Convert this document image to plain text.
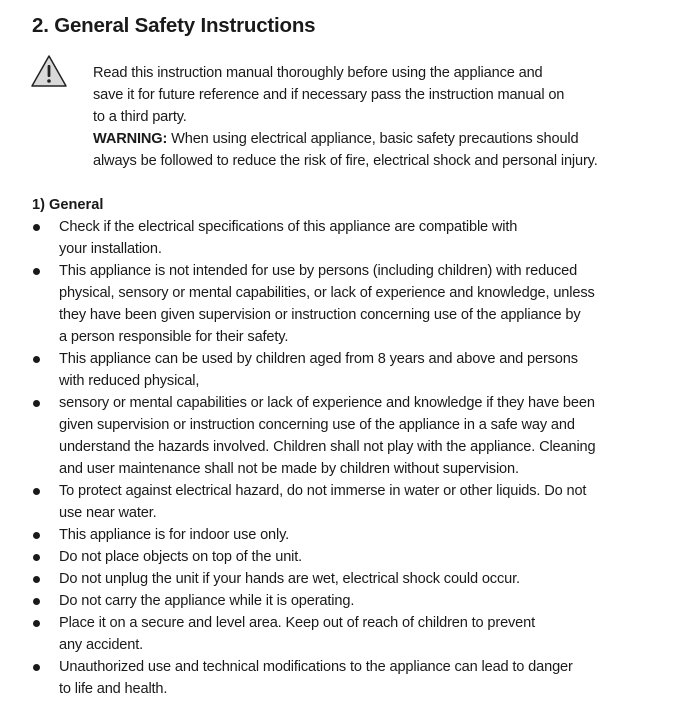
2. General Safety Instructions

Read this instruction manual thoroughly before using the appliance and

save it for future reference and if necessary pass the instruction manual on

to a third party.

WARNING: When using electrical appliance, basic safety precautions should

always be followed to reduce the risk of fire, electrical shock and personal injury.

1) General
Check if the electrical specifications of this appliance are compatible with
your installation.
This appliance is not intended for use by persons (including children) with reduced
physical, sensory or mental capabilities, or lack of experience and knowledge, unless
they have been given supervision or instruction concerning use of the appliance by
a person responsible for their safety.
This appliance can be used by children aged from 8 years and above and persons
with reduced physical,
sensory or mental capabilities or lack of experience and knowledge if they have been
given supervision or instruction concerning use of the appliance in a safe way and
understand the hazards involved. Children shall not play with the appliance. Cleaning
and user maintenance shall not be made by children without supervision.
To protect against electrical hazard, do not immerse in water or other liquids. Do not
use near water.
This appliance is for indoor use only.
Do not place objects on top of the unit.
Do not unplug the unit if your hands are wet, electrical shock could occur.
Do not carry the appliance while it is operating.
Place it on a secure and level area. Keep out of reach of children to prevent
any accident.
Unauthorized use and technical modifications to the appliance can lead to danger
to life and health.
